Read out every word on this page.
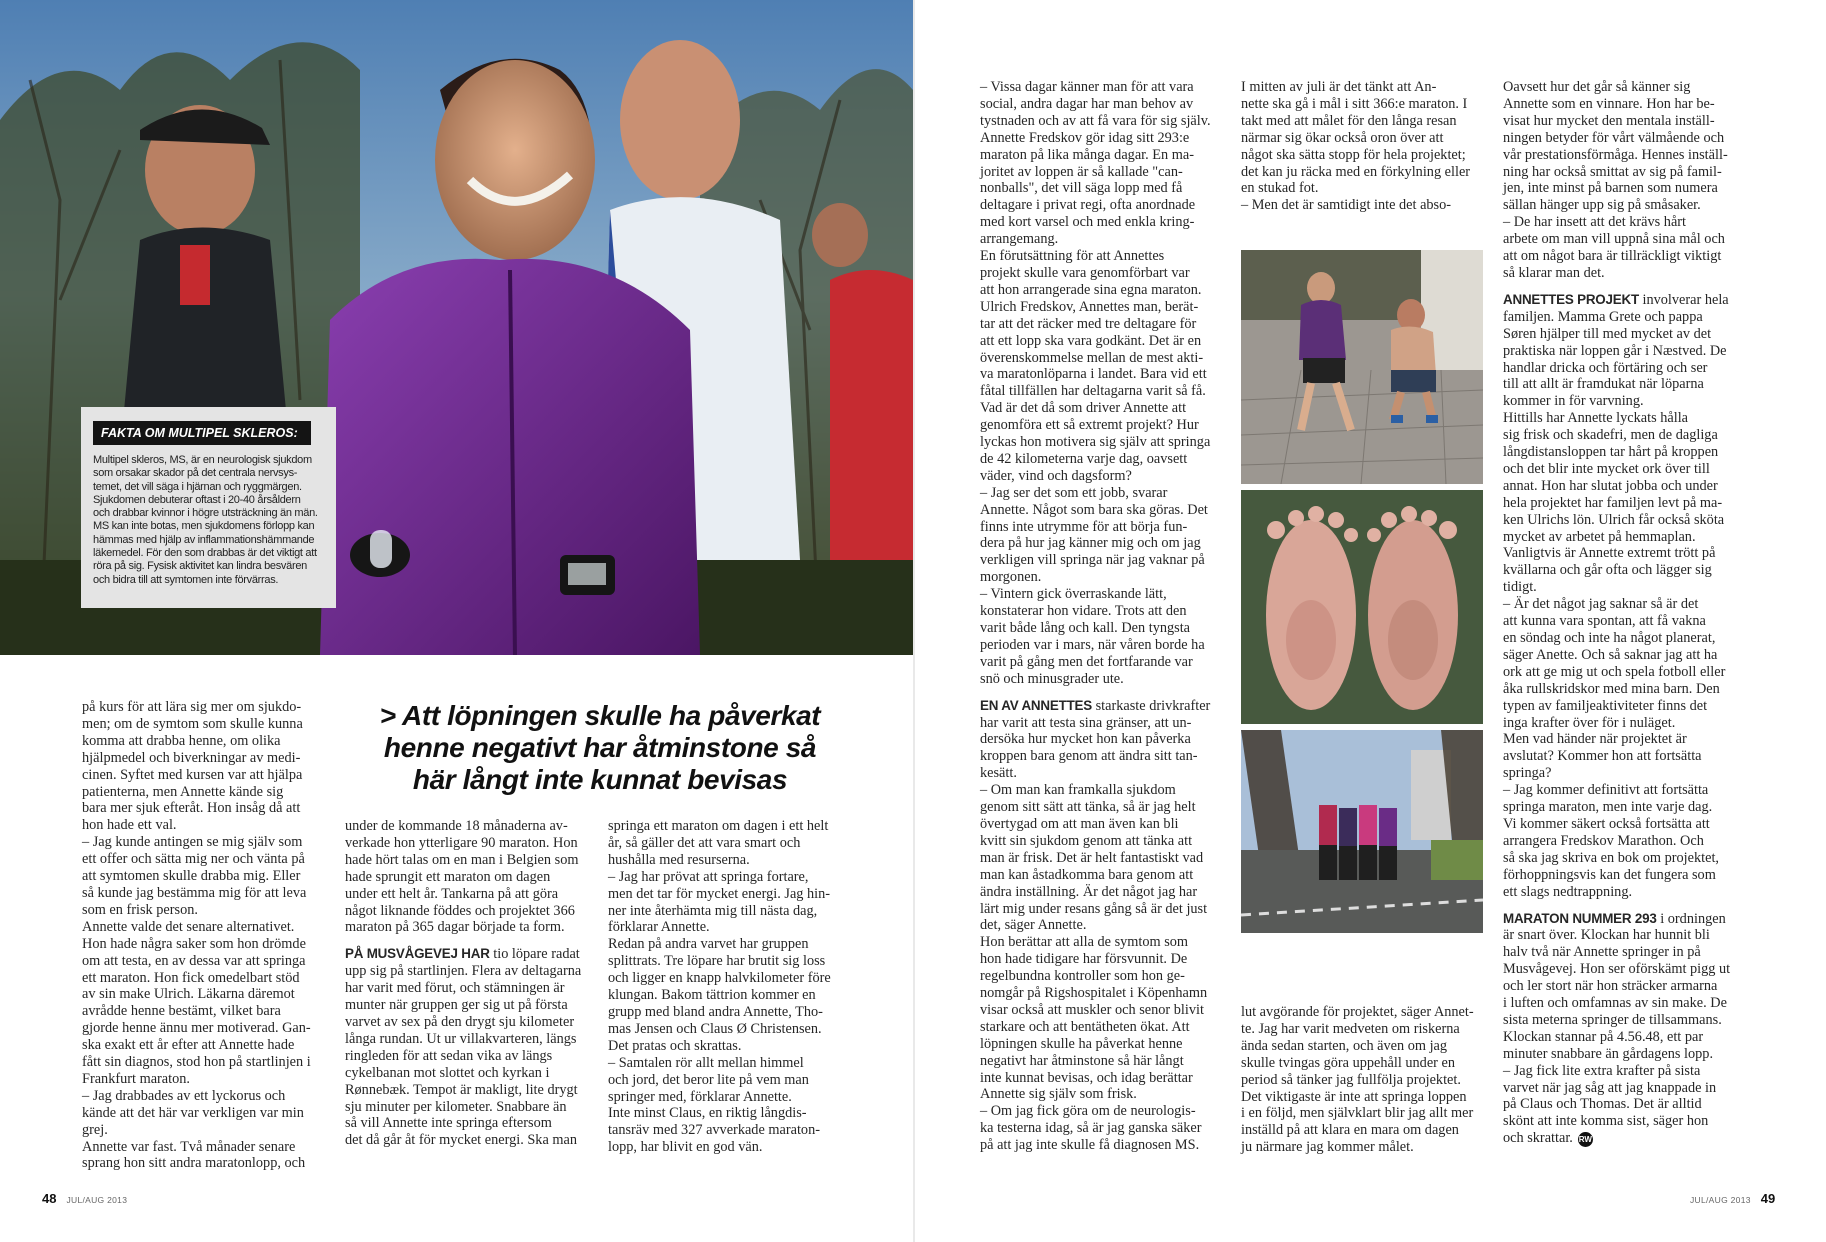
FAKTA OM MULTIPEL SKLEROS:
Multipel skleros, MS, är en neurologisk sjukdom
som orsakar skador på det centrala nervsys-
temet, det vill säga i hjärnan och ryggmärgen.
Sjukdomen debuterar oftast i 20-40 årsåldern
och drabbar kvinnor i högre utsträckning än män.
MS kan inte botas, men sjukdomens förlopp kan
hämmas med hjälp av inflammationshämmande
läkemedel. För den som drabbas är det viktigt att
röra på sig. Fysisk aktivitet kan lindra besvären
och bidra till att symtomen inte förvärras.
> Att löpningen skulle ha påverkat
henne negativt har åtminstone så
här långt inte kunnat bevisas
på kurs för att lära sig mer om sjukdo-
men; om de symtom som skulle kunna
komma att drabba henne, om olika
hjälpmedel och biverkningar av medi-
cinen. Syftet med kursen var att hjälpa
patienterna, men Annette kände sig
bara mer sjuk efteråt. Hon insåg då att
hon hade ett val.
– Jag kunde antingen se mig själv som
ett offer och sätta mig ner och vänta på
att symtomen skulle drabba mig. Eller
så kunde jag bestämma mig för att leva
som en frisk person.
Annette valde det senare alternativet.
Hon hade några saker som hon drömde
om att testa, en av dessa var att springa
ett maraton. Hon fick omedelbart stöd
av sin make Ulrich. Läkarna däremot
avrådde henne bestämt, vilket bara
gjorde henne ännu mer motiverad. Gan-
ska exakt ett år efter att Annette hade
fått sin diagnos, stod hon på startlinjen i
Frankfurt maraton.
– Jag drabbades av ett lyckorus och
kände att det här var verkligen var min grej.
Annette var fast. Två månader senare
sprang hon sitt andra maratonlopp, och
under de kommande 18 månaderna av-
verkade hon ytterligare 90 maraton. Hon
hade hört talas om en man i Belgien som
hade sprungit ett maraton om dagen
under ett helt år. Tankarna på att göra
något liknande föddes och projektet 366
maraton på 365 dagar började ta form.
PÅ MUSVÅGEVEJ HAR tio löpare radat
upp sig på startlinjen. Flera av deltagarna
har varit med förut, och stämningen är
munter när gruppen ger sig ut på första
varvet av sex på den drygt sju kilometer
långa rundan. Ut ur villakvarteren, längs
ringleden för att sedan vika av längs
cykelbanan mot slottet och kyrkan i
Rønnebæk. Tempot är makligt, lite drygt
sju minuter per kilometer. Snabbare än
så vill Annette inte springa eftersom
det då går åt för mycket energi. Ska man
springa ett maraton om dagen i ett helt
år, så gäller det att vara smart och
hushålla med resurserna.
– Jag har prövat att springa fortare,
men det tar för mycket energi. Jag hin-
ner inte återhämta mig till nästa dag,
förklarar Annette.
Redan på andra varvet har gruppen
splittrats. Tre löpare har brutit sig loss
och ligger en knapp halvkilometer före
klungan. Bakom tättrion kommer en
grupp med bland andra Annette, Tho-
mas Jensen och Claus Ø Christensen.
Det pratas och skrattas.
– Samtalen rör allt mellan himmel
och jord, det beror lite på vem man
springer med, förklarar Annette.
Inte minst Claus, en riktig långdis-
tansräv med 327 avverkade maraton-
lopp, har blivit en god vän.
– Vissa dagar känner man för att vara
social, andra dagar har man behov av
tystnaden och av att få vara för sig själv.
Annette Fredskov gör idag sitt 293:e
maraton på lika många dagar. En ma-
joritet av loppen är så kallade "can-
nonballs", det vill säga lopp med få
deltagare i privat regi, ofta anordnade
med kort varsel och med enkla kring-
arrangemang.
En förutsättning för att Annettes
projekt skulle vara genomförbart var
att hon arrangerade sina egna maraton.
Ulrich Fredskov, Annettes man, berät-
tar att det räcker med tre deltagare för
att ett lopp ska vara godkänt. Det är en
överenskommelse mellan de mest akti-
va maratonlöparna i landet. Bara vid ett
fåtal tillfällen har deltagarna varit så få.
Vad är det då som driver Annette att
genomföra ett så extremt projekt? Hur
lyckas hon motivera sig själv att springa
de 42 kilometerna varje dag, oavsett
väder, vind och dagsform?
– Jag ser det som ett jobb, svarar
Annette. Något som bara ska göras. Det
finns inte utrymme för att börja fun-
dera på hur jag känner mig och om jag
verkligen vill springa när jag vaknar på
morgonen.
– Vintern gick överraskande lätt,
konstaterar hon vidare. Trots att den
varit både lång och kall. Den tyngsta
perioden var i mars, när våren borde ha
varit på gång men det fortfarande var
snö och minusgrader ute.
EN AV ANNETTES starkaste drivkrafter
har varit att testa sina gränser, att un-
dersöka hur mycket hon kan påverka
kroppen bara genom att ändra sitt tan-
kesätt.
– Om man kan framkalla sjukdom
genom sitt sätt att tänka, så är jag helt
övertygad om att man även kan bli
kvitt sin sjukdom genom att tänka att
man är frisk. Det är helt fantastiskt vad
man kan åstadkomma bara genom att
ändra inställning. Är det något jag har
lärt mig under resans gång så är det just
det, säger Annette.
Hon berättar att alla de symtom som
hon hade tidigare har försvunnit. De
regelbundna kontroller som hon ge-
nomgår på Rigshospitalet i Köpenhamn
visar också att muskler och senor blivit
starkare och att bentätheten ökat. Att
löpningen skulle ha påverkat henne
negativt har åtminstone så här långt
inte kunnat bevisas, och idag berättar
Annette sig själv som frisk.
– Om jag fick göra om de neurologis-
ka testerna idag, så är jag ganska säker
på att jag inte skulle få diagnosen MS.
I mitten av juli är det tänkt att An-
nette ska gå i mål i sitt 366:e maraton. I
takt med att målet för den långa resan
närmar sig ökar också oron över att
något ska sätta stopp för hela projektet;
det kan ju räcka med en förkylning eller
en stukad fot.
– Men det är samtidigt inte det abso-
lut avgörande för projektet, säger Annet-
te. Jag har varit medveten om riskerna
ända sedan starten, och även om jag
skulle tvingas göra uppehåll under en
period så tänker jag fullfölja projektet.
Det viktigaste är inte att springa loppen
i en följd, men självklart blir jag allt mer
inställd på att klara en mara om dagen
ju närmare jag kommer målet.
Oavsett hur det går så känner sig
Annette som en vinnare. Hon har be-
visat hur mycket den mentala inställ-
ningen betyder för vårt välmående och
vår prestationsförmåga. Hennes inställ-
ning har också smittat av sig på famil-
jen, inte minst på barnen som numera
sällan hänger upp sig på småsaker.
– De har insett att det krävs hårt
arbete om man vill uppnå sina mål och
att om något bara är tillräckligt viktigt
så klarar man det.
ANNETTES PROJEKT involverar hela
familjen. Mamma Grete och pappa
Søren hjälper till med mycket av det
praktiska när loppen går i Næstved. De
handlar dricka och förtäring och ser
till att allt är framdukat när löparna
kommer in för varvning.
Hittills har Annette lyckats hålla
sig frisk och skadefri, men de dagliga
långdistansloppen tar hårt på kroppen
och det blir inte mycket ork över till
annat. Hon har slutat jobba och under
hela projektet har familjen levt på ma-
ken Ulrichs lön. Ulrich får också sköta
mycket av arbetet på hemmaplan.
Vanligtvis är Annette extremt trött på
kvällarna och går ofta och lägger sig
tidigt.
– Är det något jag saknar så är det
att kunna vara spontan, att få vakna
en söndag och inte ha något planerat,
säger Anette. Och så saknar jag att ha
ork att ge mig ut och spela fotboll eller
åka rullskridskor med mina barn. Den
typen av familjeaktiviteter finns det
inga krafter över för i nuläget.
Men vad händer när projektet är
avslutat? Kommer hon att fortsätta
springa?
– Jag kommer definitivt att fortsätta
springa maraton, men inte varje dag.
Vi kommer säkert också fortsätta att
arrangera Fredskov Marathon. Och
så ska jag skriva en bok om projektet,
förhoppningsvis kan det fungera som
ett slags nedtrappning.
MARATON NUMMER 293 i ordningen
är snart över. Klockan har hunnit bli
halv två när Annette springer in på
Musvågevej. Hon ser oförskämt pigg ut
och ler stort när hon sträcker armarna
i luften och omfamnas av sin make. De
sista meterna springer de tillsammans.
Klockan stannar på 4.56.48, ett par
minuter snabbare än gårdagens lopp.
– Jag fick lite extra krafter på sista
varvet när jag såg att jag knappade in
på Claus och Thomas. Det är alltid
skönt att inte komma sist, säger hon
och skrattar. RW
48 JUL/AUG 2013	JUL/AUG 2013 49
